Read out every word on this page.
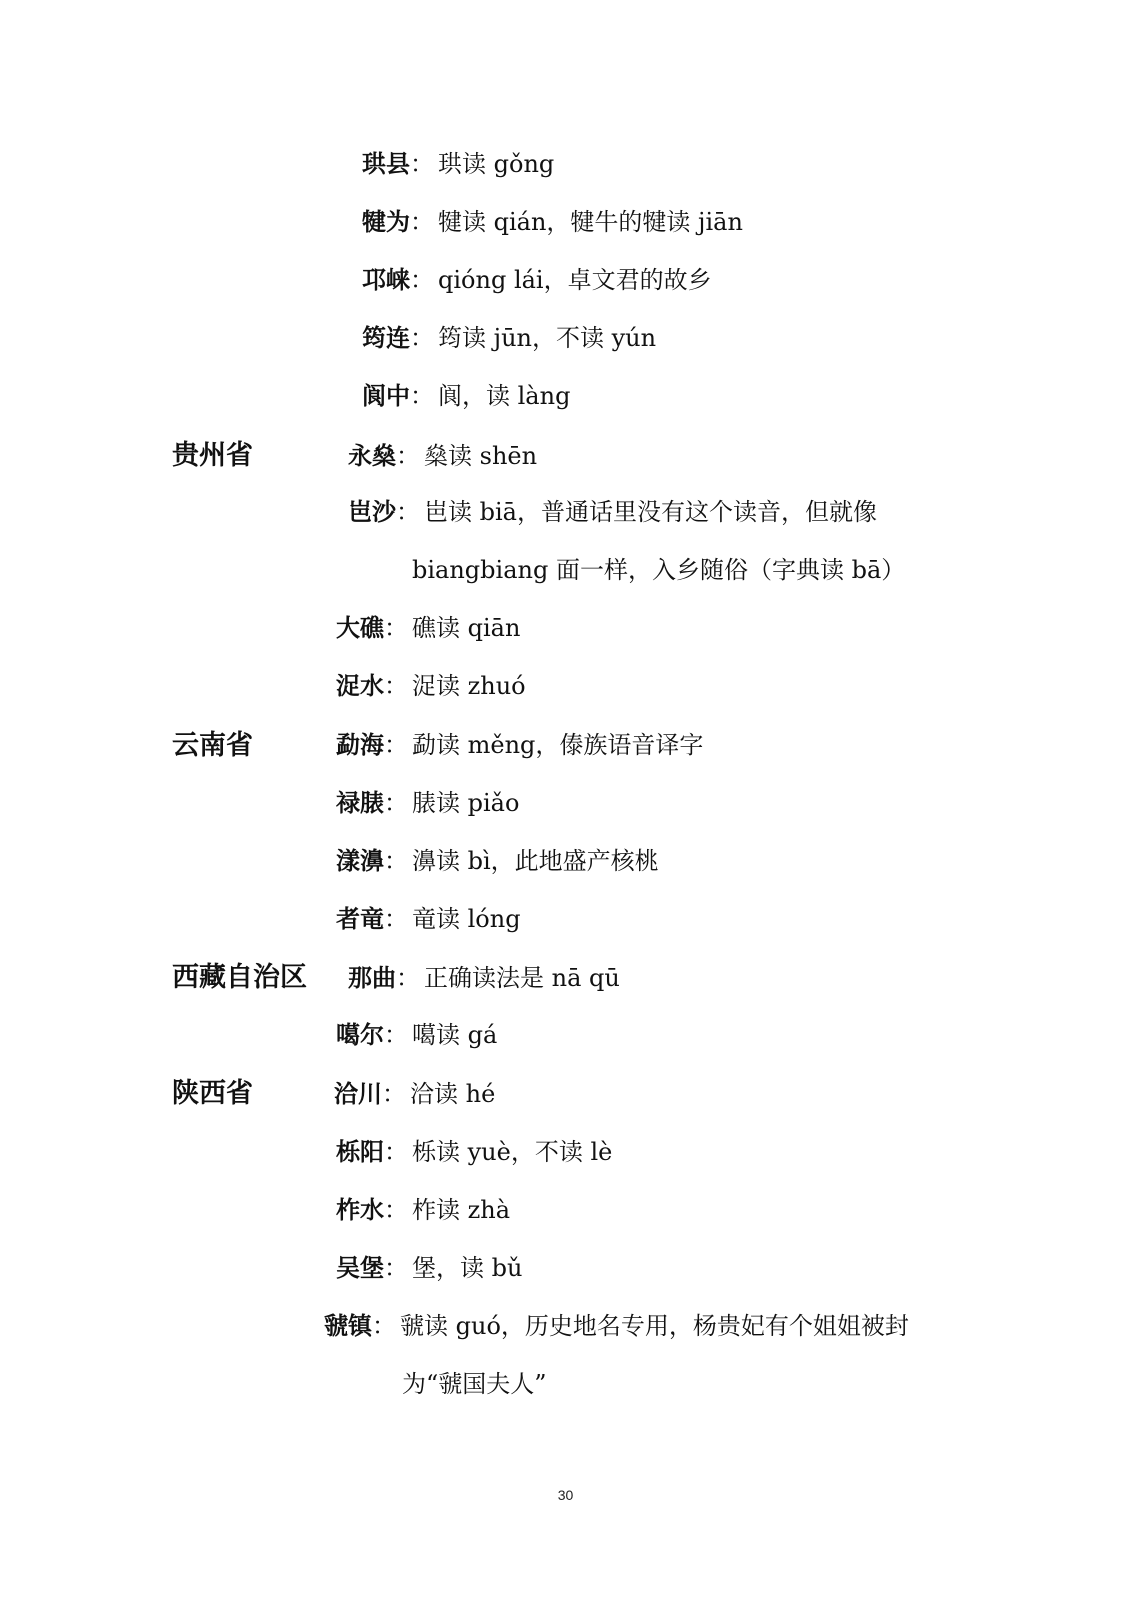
贵州省
云南省
西藏自治区
陕西省
珙县： 珙读 gǒng
犍为： 犍读 qián，犍牛的犍读 jiān
邛崃： qióng lái，卓文君的故乡
筠连： 筠读 jūn，不读 yún
阆中： 阆，读 làng
永燊： 燊读 shēn
岜沙： 岜读 biā，普通话里没有这个读音，但就像
biangbiang 面一样，入乡随俗（字典读 bā）
大礁： 礁读 qiān
浞水： 浞读 zhuó
勐海： 勐读 měng，傣族语音译字
禄脿： 脿读 piǎo
漾濞： 濞读 bì，此地盛产核桃
者竜： 竜读 lóng
那曲： 正确读法是 nā qū
噶尔： 噶读 gá
洽川： 洽读 hé
栎阳： 栎读 yuè，不读 lè
柞水： 柞读 zhà
吴堡： 堡，读 bǔ
虢镇： 虢读 guó，历史地名专用，杨贵妃有个姐姐被封
为“虢国夫人”
30
